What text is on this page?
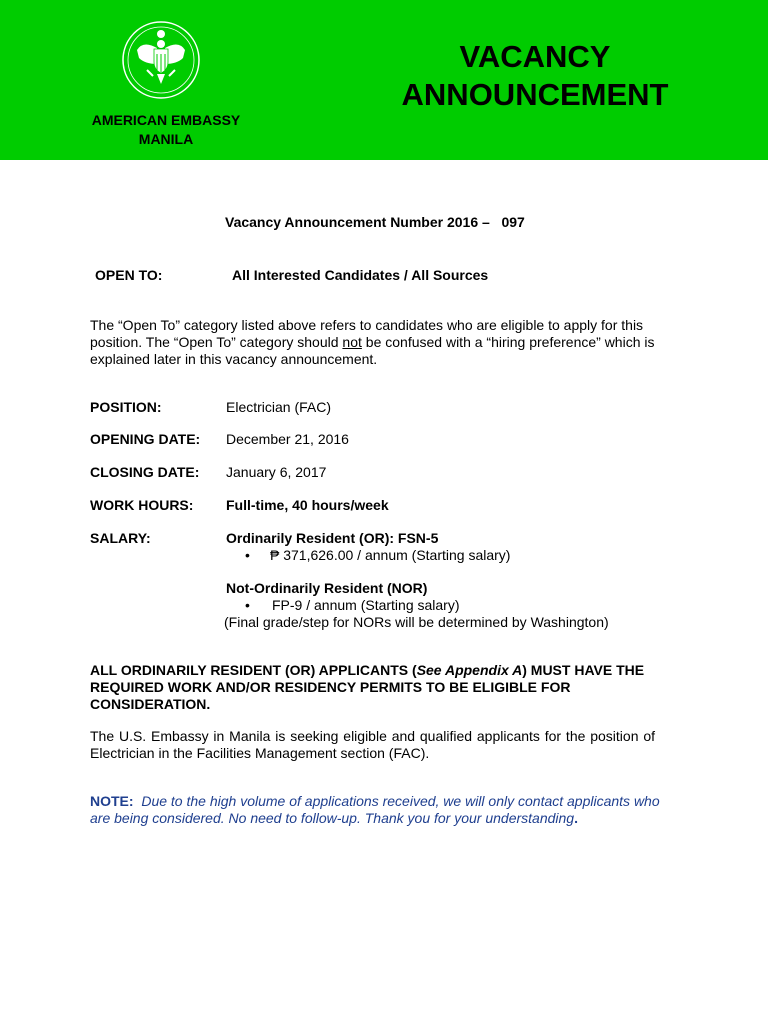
AMERICAN EMBASSY
MANILA
VACANCY
ANNOUNCEMENT
Vacancy Announcement Number 2016 – 097
OPEN TO:	All Interested Candidates / All Sources
The “Open To” category listed above refers to candidates who are eligible to apply for this position. The “Open To” category should not be confused with a “hiring preference” which is explained later in this vacancy announcement.
POSITION:	Electrician (FAC)
OPENING DATE: December 21, 2016
CLOSING DATE: January 6, 2017
WORK HOURS: Full-time, 40 hours/week
SALARY:	Ordinarily Resident (OR): FSN-5
• ₱ 371,626.00 / annum (Starting salary)
Not-Ordinarily Resident (NOR)
• FP-9 / annum (Starting salary)
(Final grade/step for NORs will be determined by Washington)
ALL ORDINARILY RESIDENT (OR) APPLICANTS (See Appendix A) MUST HAVE THE REQUIRED WORK AND/OR RESIDENCY PERMITS TO BE ELIGIBLE FOR CONSIDERATION.
The U.S. Embassy in Manila is seeking eligible and qualified applicants for the position of Electrician in the Facilities Management section (FAC).
NOTE: Due to the high volume of applications received, we will only contact applicants who are being considered. No need to follow-up. Thank you for your understanding.
